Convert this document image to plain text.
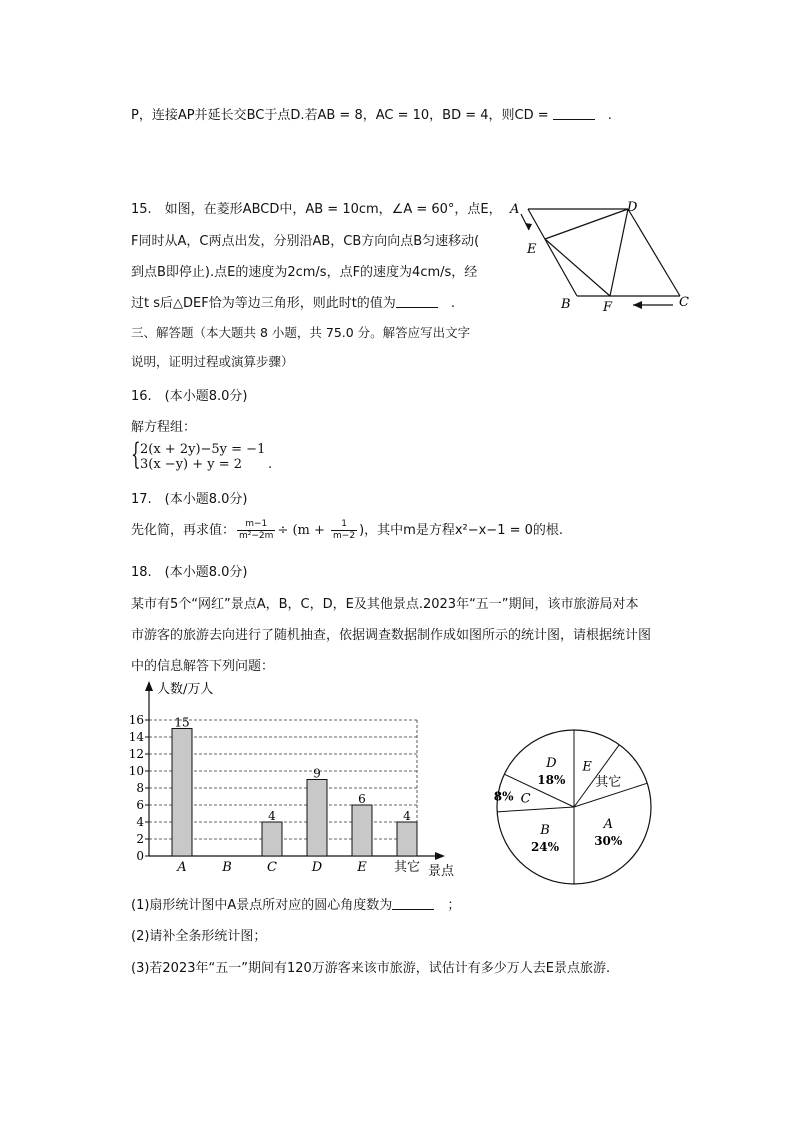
P，连接AP并延长交BC于点D.若AB = 8，AC = 10，BD = 4，则CD = 　	.
15.　如图，在菱形ABCD中，AB = 10cm，∠A = 60°，点E，
F同时从A，C两点出发，分别沿AB，CB方向向点B匀速移动(
到点B即停止).点E的速度为2cm/s，点F的速度为4cm/s，经
过t s后△DEF恰为等边三角形，则此时t的值为　	.
A	D
E
B F	C
三、解答题（本大题共 8 小题，共 75.0 分。解答应写出文字
说明，证明过程或演算步骤）
16.　(本小题8.0分)
解方程组：
{ 2(x + 2y)−5y = −1
3(x −y) + y = 2 .
17.　(本小题8.0分)
先化简，再求值： $\frac{m-1}{\text{m²−2m}} \div (m + \frac{1}{m-2}$ )，其中m是方程x²−x−1 = 0的根.
18.　(本小题8.0分)
某市有5个“网红”景点A，B，C，D，E及其他景点.2023年“五一”期间，该市旅游局对本
市游客的旅游去向进行了随机抽查，依据调查数据制作成如图所示的统计图，请根据统计图
中的信息解答下列问题：
0
2
4
6
8
10
12
14
16
人数/万人
景点
A
15
B	C
4
D
9
E
6
其它
4
E
其它
A
30%
B
24%
8% C
D
18%
(1)扇形统计图中A景点所对应的圆心角度数为　	；
(2)请补全条形统计图；
(3)若2023年“五一”期间有120万游客来该市旅游，试估计有多少万人去E景点旅游.
